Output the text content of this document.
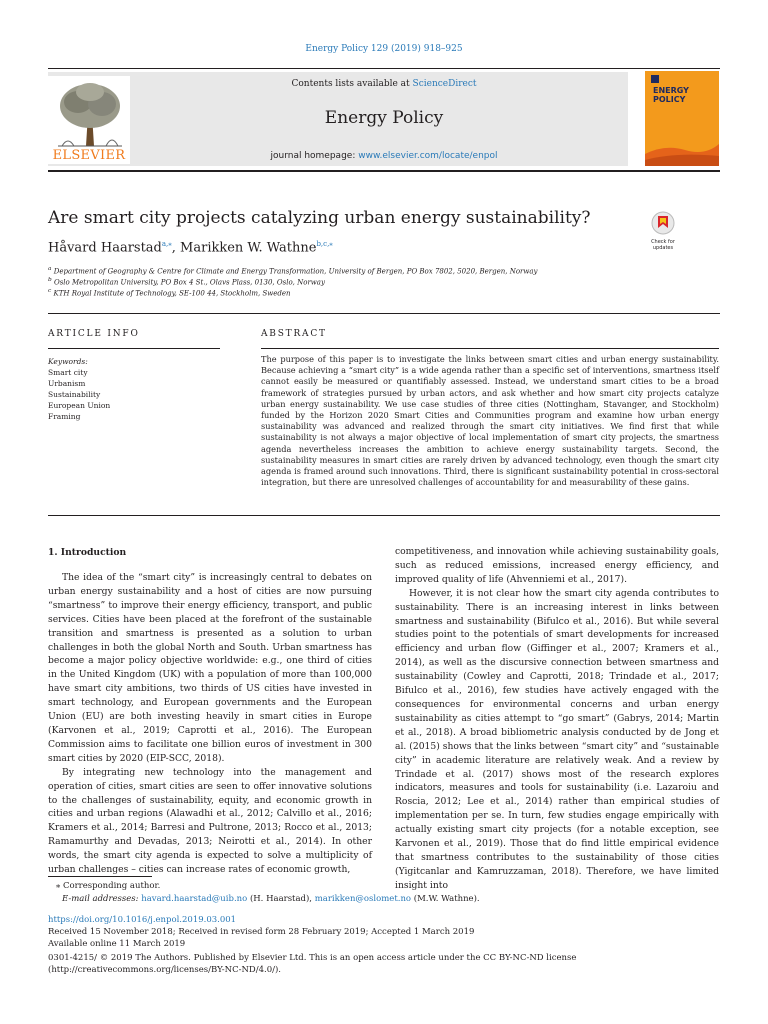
Energy Policy 129 (2019) 918–925
ELSEVIER
Contents lists available at ScienceDirect
Energy Policy
journal homepage: www.elsevier.com/locate/enpol
ENERGY
POLICY
Are smart city projects catalyzing urban energy sustainability?
Check for
updates
Håvard Haarstad$^{a,⁎}$, Marikken W. Wathne$^{b,c,⁎}$
$^a$ Department of Geography & Centre for Climate and Energy Transformation, University of Bergen, PO Box 7802, 5020, Bergen, Norway
$^b$ Oslo Metropolitan University, PO Box 4 St., Olavs Plass, 0130, Oslo, Norway
$^c$ KTH Royal Institute of Technology, SE-100 44, Stockholm, Sweden
ARTICLE INFO
Keywords:
Smart city
Urbanism
Sustainability
European Union
Framing
ABSTRACT
The purpose of this paper is to investigate the links between smart cities and urban energy sustainability. Because achieving a “smart city” is a wide agenda rather than a specific set of interventions, smartness itself cannot easily be measured or quantifiably assessed. Instead, we understand smart cities to be a broad framework of strategies pursued by urban actors, and ask whether and how smart city projects catalyze urban energy sustainability. We use case studies of three cities (Nottingham, Stavanger, and Stockholm) funded by the Horizon 2020 Smart Cities and Communities program and examine how urban energy sustainability was advanced and realized through the smart city initiatives. We find first that while sustainability is not always a major objective of local implementation of smart city projects, the smartness agenda nevertheless increases the ambition to achieve energy sustainability targets. Second, the sustainability measures in smart cities are rarely driven by advanced technology, even though the smart city agenda is framed around such innovations. Third, there is significant sustainability potential in cross-sectoral integration, but there are unresolved challenges of accountability for and measurability of these gains.
1. Introduction

The idea of the “smart city” is increasingly central to debates on urban energy sustainability and a host of cities are now pursuing “smartness” to improve their energy efficiency, transport, and public services. Cities have been placed at the forefront of the sustainable transition and smartness is presented as a solution to urban challenges in both the global North and South. Urban smartness has become a major policy objective worldwide: e.g., one third of cities in the United Kingdom (UK) with a population of more than 100,000 have smart city ambitions, two thirds of US cities have invested in smart technology, and European governments and the European Union (EU) are both investing heavily in smart cities in Europe (Karvonen et al., 2019; Caprotti et al., 2016). The European Commission aims to facilitate one billion euros of investment in 300 smart cities by 2020 (EIP-SCC, 2018).

By integrating new technology into the management and operation of cities, smart cities are seen to offer innovative solutions to the challenges of sustainability, equity, and economic growth in cities and urban regions (Alawadhi et al., 2012; Calvillo et al., 2016; Kramers et al., 2014; Barresi and Pultrone, 2013; Rocco et al., 2013; Ramamurthy and Devadas, 2013; Neirotti et al., 2014). In other words, the smart city agenda is expected to solve a multiplicity of urban challenges – cities can increase rates of economic growth,

competitiveness, and innovation while achieving sustainability goals, such as reduced emissions, increased energy efficiency, and improved quality of life (Ahvenniemi et al., 2017).

However, it is not clear how the smart city agenda contributes to sustainability. There is an increasing interest in links between smartness and sustainability (Bifulco et al., 2016). But while several studies point to the potentials of smart developments for increased efficiency and urban flow (Giffinger et al., 2007; Kramers et al., 2014), as well as the discursive connection between smartness and sustainability (Cowley and Caprotti, 2018; Trindade et al., 2017; Bifulco et al., 2016), few studies have actively engaged with the consequences for environmental concerns and urban energy sustainability as cities attempt to “go smart” (Gabrys, 2014; Martin et al., 2018). A broad bibliometric analysis conducted by de Jong et al. (2015) shows that the links between “smart city” and “sustainable city” in academic literature are relatively weak. And a review by Trindade et al. (2017) shows most of the research explores indicators, measures and tools for sustainability (i.e. Lazaroiu and Roscia, 2012; Lee et al., 2014) rather than empirical studies of implementation per se. In turn, few studies engage empirically with actually existing smart city projects (for a notable exception, see Karvonen et al., 2019). Those that do find little empirical evidence that smartness contributes to the sustainability of those cities (Yigitcanlar and Kamruzzaman, 2018). Therefore, we have limited insight into

⁎ Corresponding author.
E-mail addresses: havard.haarstad@uib.no (H. Haarstad), marikken@oslomet.no (M.W. Wathne).
https://doi.org/10.1016/j.enpol.2019.03.001
Received 15 November 2018; Received in revised form 28 February 2019; Accepted 1 March 2019
Available online 11 March 2019
0301-4215/ © 2019 The Authors. Published by Elsevier Ltd. This is an open access article under the CC BY-NC-ND license
(http://creativecommons.org/licenses/BY-NC-ND/4.0/).
